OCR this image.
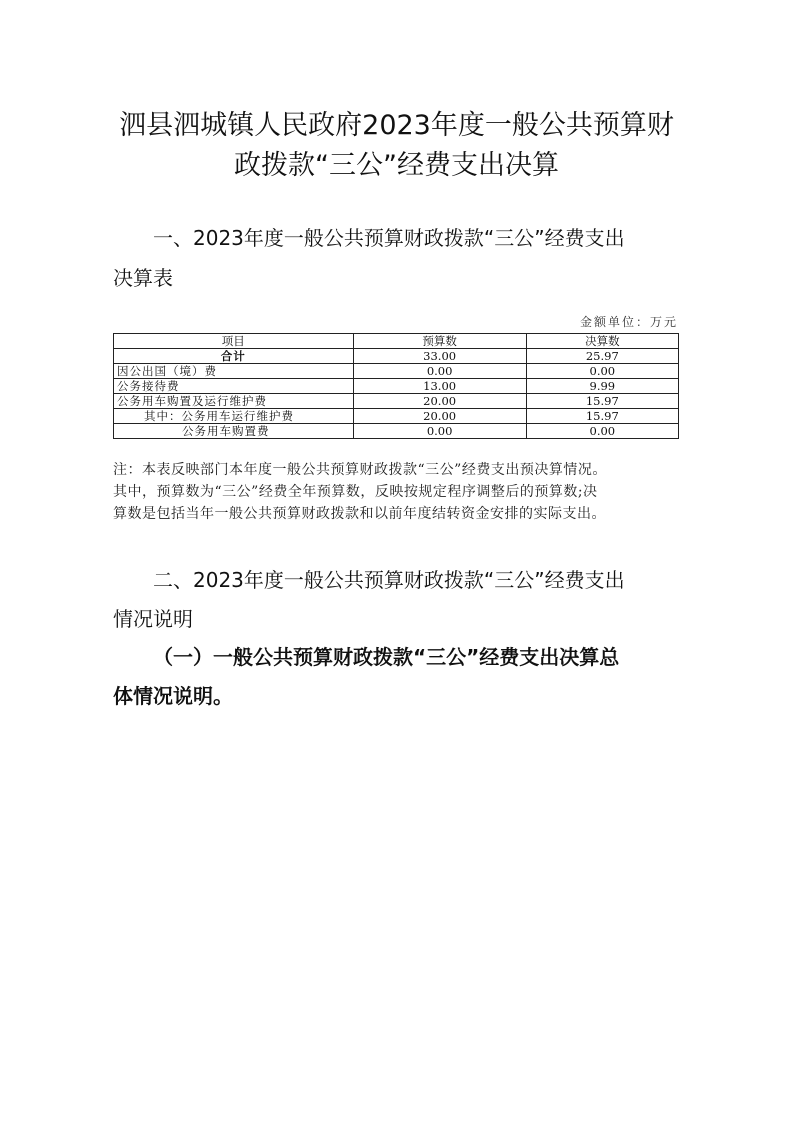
泗县泗城镇人民政府2023年度一般公共预算财
政拨款“三公”经费支出决算
一、2023年度一般公共预算财政拨款“三公”经费支出
决算表
金额单位：万元
项目	预算数	决算数
合计	33.00	25.97
因公出国（境）费	0.00	0.00
公务接待费	13.00	9.99
公务用车购置及运行维护费	20.00	15.97
其中：公务用车运行维护费	20.00	15.97
公务用车购置费	0.00	0.00

注：本表反映部门本年度一般公共预算财政拨款“三公”经费支出预决算情况。

其中，预算数为“三公”经费全年预算数，反映按规定程序调整后的预算数;决

算数是包括当年一般公共预算财政拨款和以前年度结转资金安排的实际支出。

二、2023年度一般公共预算财政拨款“三公”经费支出
情况说明
（一）一般公共预算财政拨款“三公”经费支出决算总
体情况说明。
